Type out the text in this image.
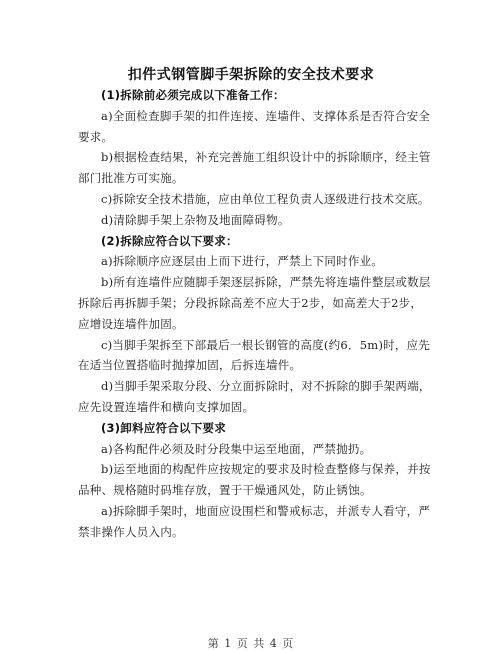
扣件式钢管脚手架拆除的安全技术要求
(1)拆除前必须完成以下准备工作：
a)全面检查脚手架的扣件连接、连墙件、支撑体系是否符合安全
要求。
b)根据检查结果，补充完善施工组织设计中的拆除顺序，经主管
部门批准方可实施。
c)拆除安全技术措施，应由单位工程负责人逐级进行技术交底。
d)清除脚手架上杂物及地面障碍物。
(2)拆除应符合以下要求：
a)拆除顺序应逐层由上而下进行，严禁上下同时作业。
b)所有连墙件应随脚手架逐层拆除，严禁先将连墙件整层或数层
拆除后再拆脚手架；分段拆除高差不应大于2步，如高差大于2步，
应增设连墙件加固。
c)当脚手架拆至下部最后一根长钢管的高度(约6．5m)时，应先
在适当位置搭临时抛撑加固，后拆连墙件。
d)当脚手架采取分段、分立面拆除时，对不拆除的脚手架两端，
应先设置连墙件和横向支撑加固。
(3)卸料应符合以下要求
a)各构配件必须及时分段集中运至地面，严禁抛扔。
b)运至地面的构配件应按规定的要求及时检查整修与保养，并按
品种、规格随时码堆存放，置于干燥通风处，防止锈蚀。
a)拆除脚手架时，地面应设围栏和警戒标志，并派专人看守，严
禁非操作人员入内。
第 1 页 共 4 页
